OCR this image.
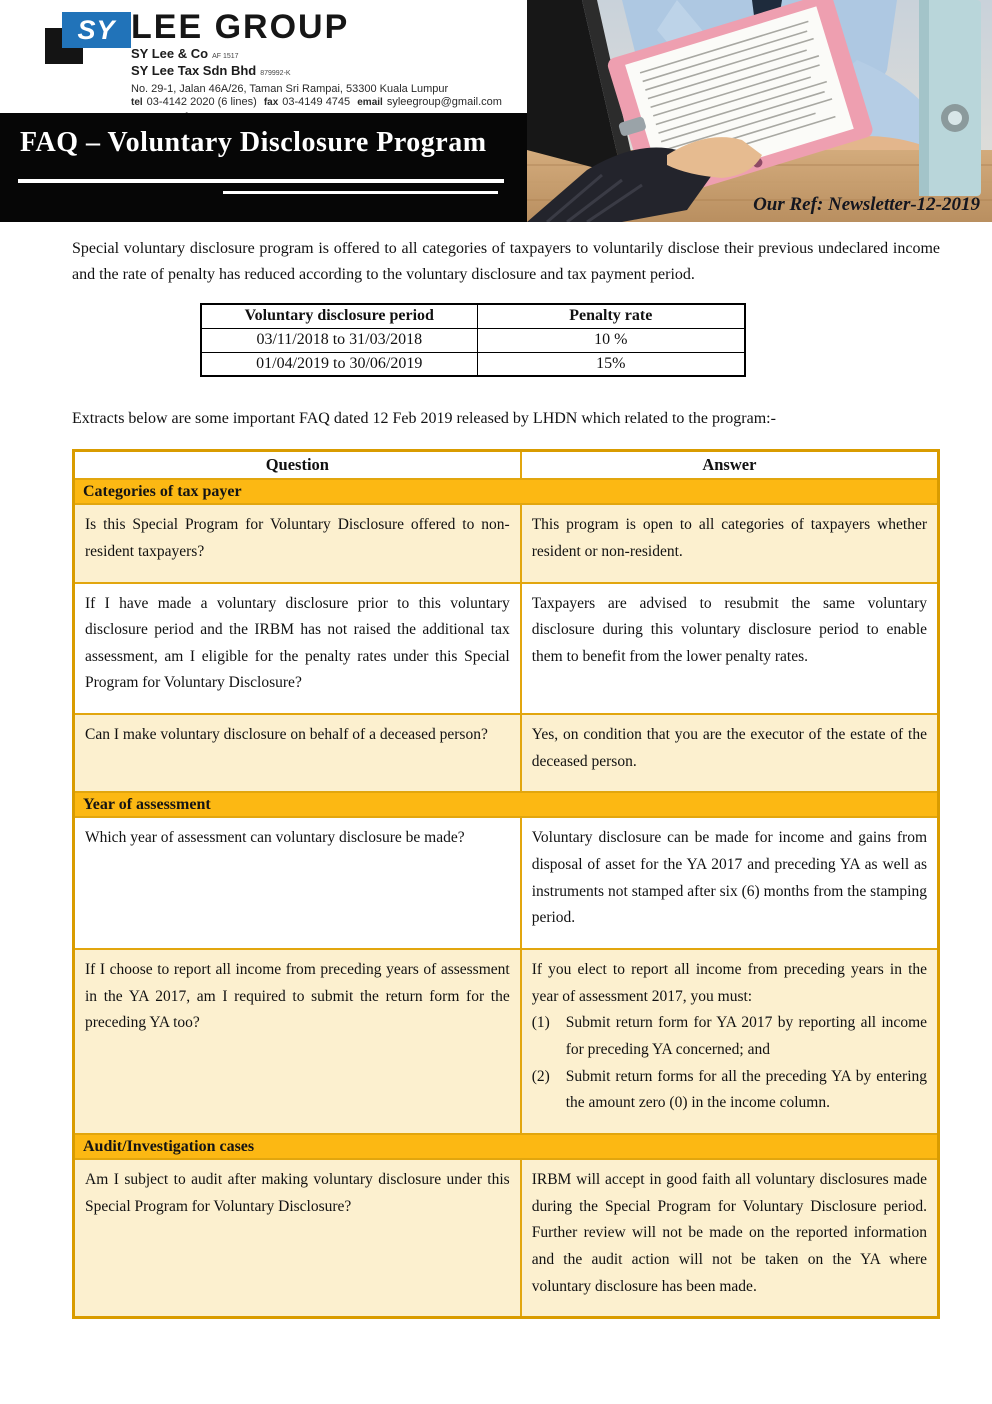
SY LEE GROUP
SY Lee & Co AF 1517
SY Lee Tax Sdn Bhd 879992-K
No. 29-1, Jalan 46A/26, Taman Sri Rampai, 53300 Kuala Lumpur
tel 03-4142 2020 (6 lines) fax 03-4149 4745 email syleegroup@gmail.com
FAQ – Voluntary Disclosure Program
Our Ref: Newsletter-12-2019

Special voluntary disclosure program is offered to all categories of taxpayers to voluntarily disclose their previous undeclared income and the rate of penalty has reduced according to the voluntary disclosure and tax payment period.

Voluntary disclosure period	Penalty rate
03/11/2018 to 31/03/2018	10 %
01/04/2019 to 30/06/2019	15%

Extracts below are some important FAQ dated 12 Feb 2019 released by LHDN which related to the program:-

Question	Answer
Categories of tax payer	
Is this Special Program for Voluntary Disclosure offered to non-resident taxpayers?	This program is open to all categories of taxpayers whether resident or non-resident.

If I have made a voluntary disclosure prior to this voluntary disclosure period and the IRBM has not raised the additional tax assessment, am I eligible for the penalty rates under this Special Program for Voluntary Disclosure?	Taxpayers are advised to resubmit the same voluntary disclosure during this voluntary disclosure period to enable them to benefit from the lower penalty rates.

Can I make voluntary disclosure on behalf of a deceased person?	Yes, on condition that you are the executor of the estate of the deceased person.

Year of assessment	
Which year of assessment can voluntary disclosure be made?	Voluntary disclosure can be made for income and gains from disposal of asset for the YA 2017 and preceding YA as well as instruments not stamped after six (6) months from the stamping period.

If I choose to report all income from preceding years of assessment in the YA 2017, am I required to submit the return form for the preceding YA too?	If you elect to report all income from preceding years in the year of assessment 2017, you must:
(1) Submit return form for YA 2017 by reporting all income for preceding YA concerned; and
(2) Submit return forms for all the preceding YA by entering the amount zero (0) in the income column.

Audit/Investigation cases	
Am I subject to audit after making voluntary disclosure under this Special Program for Voluntary Disclosure?	IRBM will accept in good faith all voluntary disclosures made during the Special Program for Voluntary Disclosure period. Further review will not be made on the reported information and the audit action will not be taken on the YA where voluntary disclosure has been made.
